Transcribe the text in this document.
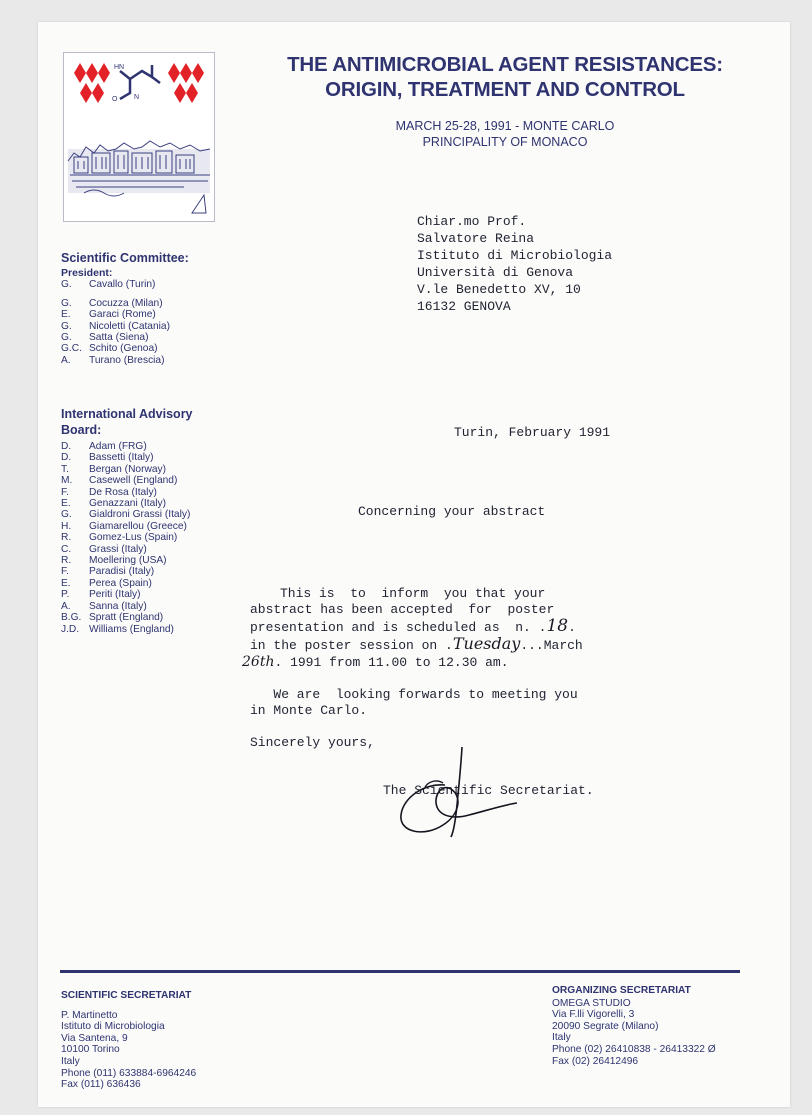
HN
N
O
THE ANTIMICROBIAL AGENT RESISTANCES:
ORIGIN, TREATMENT AND CONTROL
MARCH 25-28, 1991 - MONTE CARLO
PRINCIPALITY OF MONACO
Scientific Committee:
President:
G.	Cavallo (Turin)
G.	Cocuzza (Milan)
E.	Garaci (Rome)
G.	Nicoletti (Catania)
G.	Satta (Siena)
G.C. Schito (Genoa)
A.	Turano (Brescia)
International Advisory
Board:
D.	Adam (FRG)
D.	Bassetti (Italy)
T.	Bergan (Norway)
M.	Casewell (England)
F.	De Rosa (Italy)
E.	Genazzani (Italy)
G.	Gialdroni Grassi (Italy)
H.	Giamarellou (Greece)
R.	Gomez-Lus (Spain)
C.	Grassi (Italy)
R.	Moellering (USA)
F.	Paradisi (Italy)
E.	Perea (Spain)
P.	Periti (Italy)
A.	Sanna (Italy)
B.G. Spratt (England)
J.D. Williams (England)
Chiar.mo Prof.
Salvatore Reina
Istituto di Microbiologia
Università di Genova
V.le Benedetto XV, 10
16132 GENOVA
Turin, February 1991
Concerning your abstract
This is  to  inform  you that your
abstract has been accepted  for  poster
presentation and is scheduled as  n. .18.
in the poster session on .Tuesday...March
26th. 1991 from 11.00 to 12.30 am.
We are  looking forwards to meeting you
in Monte Carlo.
Sincerely yours,
The Scientific Secretariat.
SCIENTIFIC SECRETARIAT
P. Martinetto
Istituto di Microbiologia
Via Santena, 9
10100 Torino
Italy
Phone (011) 633884-6964246
Fax (011) 636436
ORGANIZING SECRETARIAT
OMEGA STUDIO
Via F.lli Vigorelli, 3
20090 Segrate (Milano)
Italy
Phone (02) 26410838 - 26413322 Ø
Fax (02) 26412496
